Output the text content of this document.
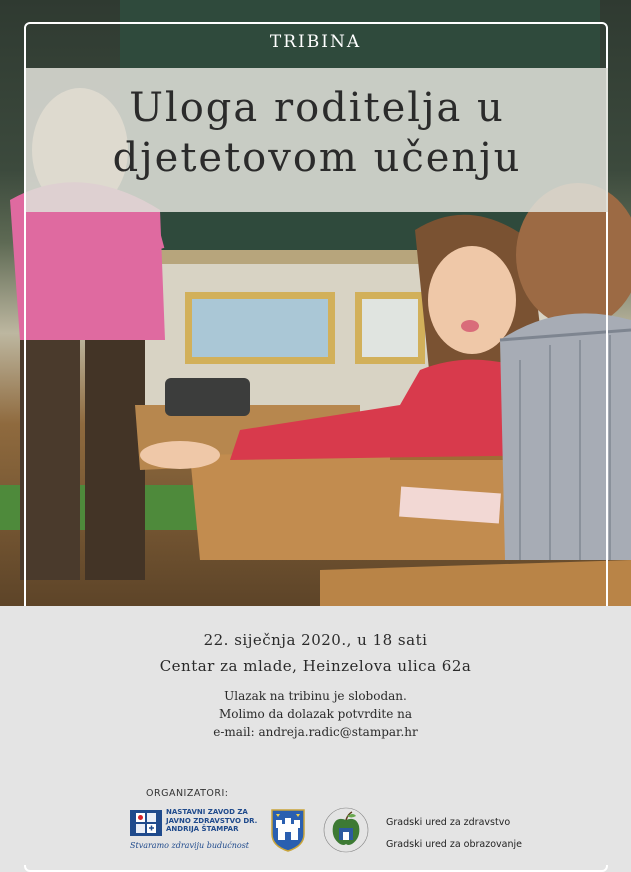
TRIBINA
Uloga roditelja u
djetetovom učenju
22. siječnja 2020., u 18 sati
Centar za mlade, Heinzelova ulica 62a
Ulazak na tribinu je slobodan.
Molimo da dolazak potvrdite na
e-mail: andreja.radic@stampar.hr
ORGANIZATORI:
NASTAVNI ZAVOD ZA JAVNO ZDRAVSTVO DR. ANDRIJA ŠTAMPAR
Stvaramo zdraviju budućnost
Gradski ured za zdravstvo
Gradski ured za obrazovanje
